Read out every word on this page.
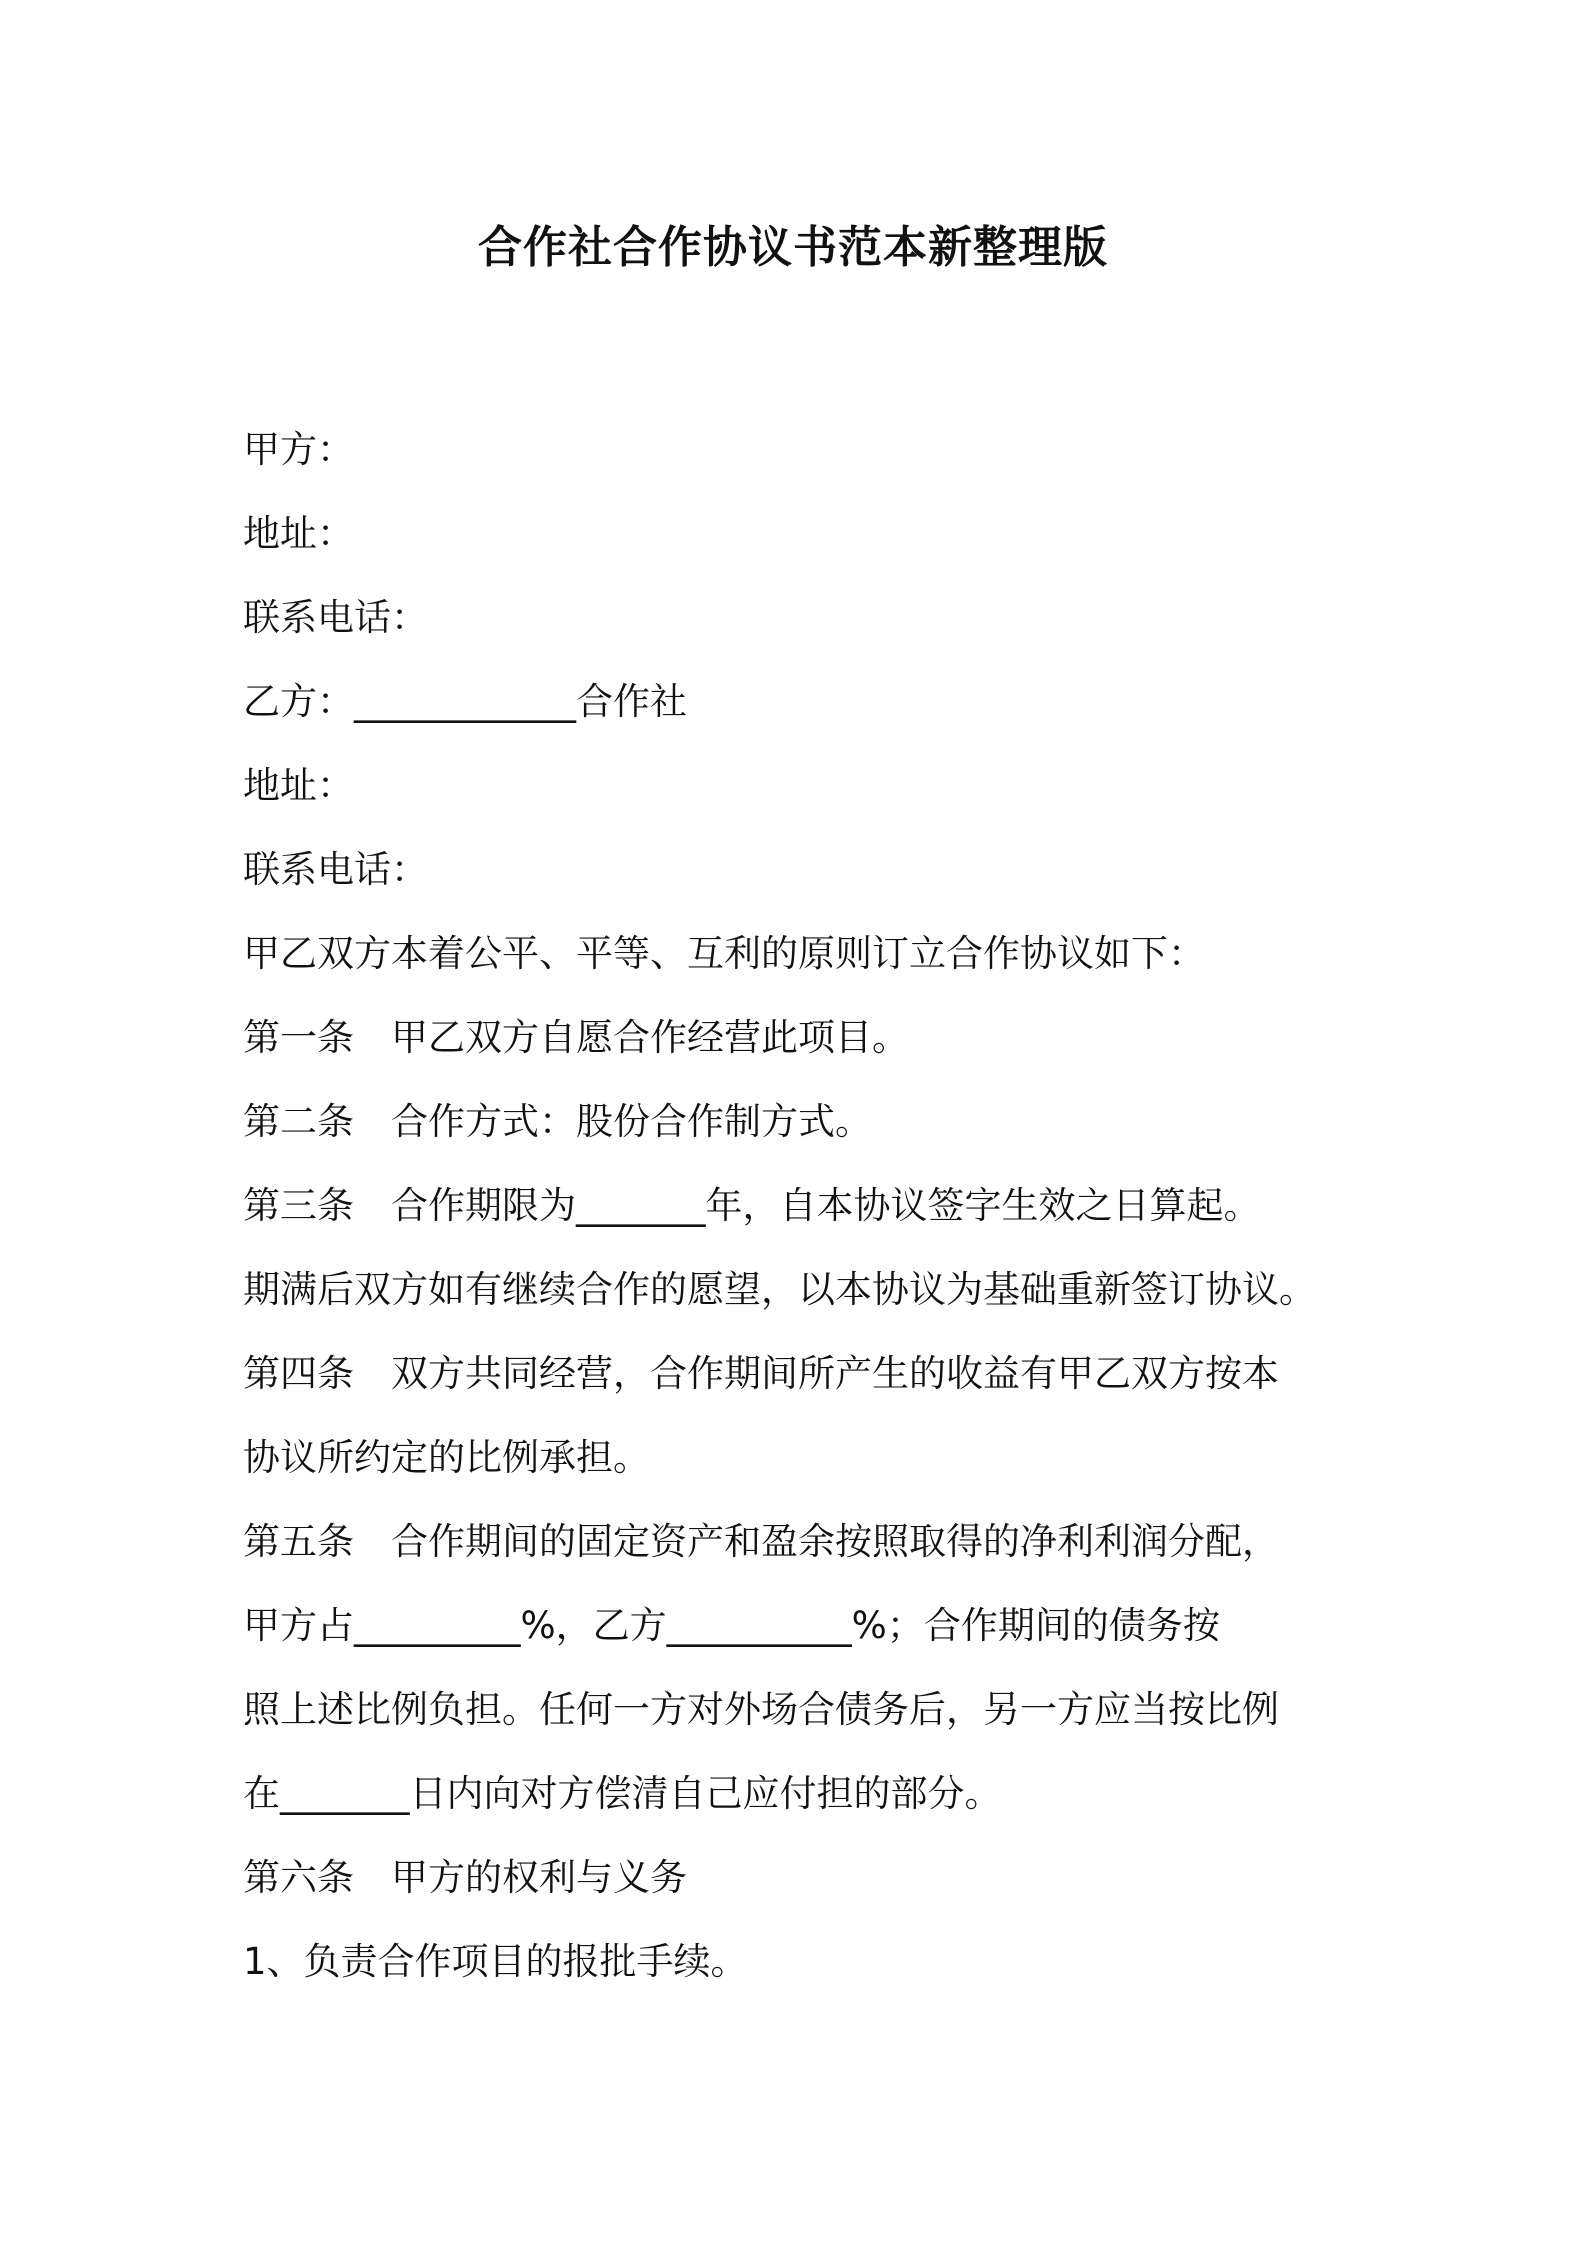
合作社合作协议书范本新整理版
甲方：
地址：
联系电话：
乙方：____________合作社
地址：
联系电话：
甲乙双方本着公平、平等、互利的原则订立合作协议如下：
第一条　甲乙双方自愿合作经营此项目。
第二条　合作方式：股份合作制方式。
第三条　合作期限为_______年，自本协议签字生效之日算起。
期满后双方如有继续合作的愿望，以本协议为基础重新签订协议。
第四条　双方共同经营，合作期间所产生的收益有甲乙双方按本
协议所约定的比例承担。
第五条　合作期间的固定资产和盈余按照取得的净利利润分配，
甲方占_________%，乙方__________%；合作期间的债务按
照上述比例负担。任何一方对外场合债务后，另一方应当按比例
在_______日内向对方偿清自己应付担的部分。
第六条　甲方的权利与义务
1、负责合作项目的报批手续。
